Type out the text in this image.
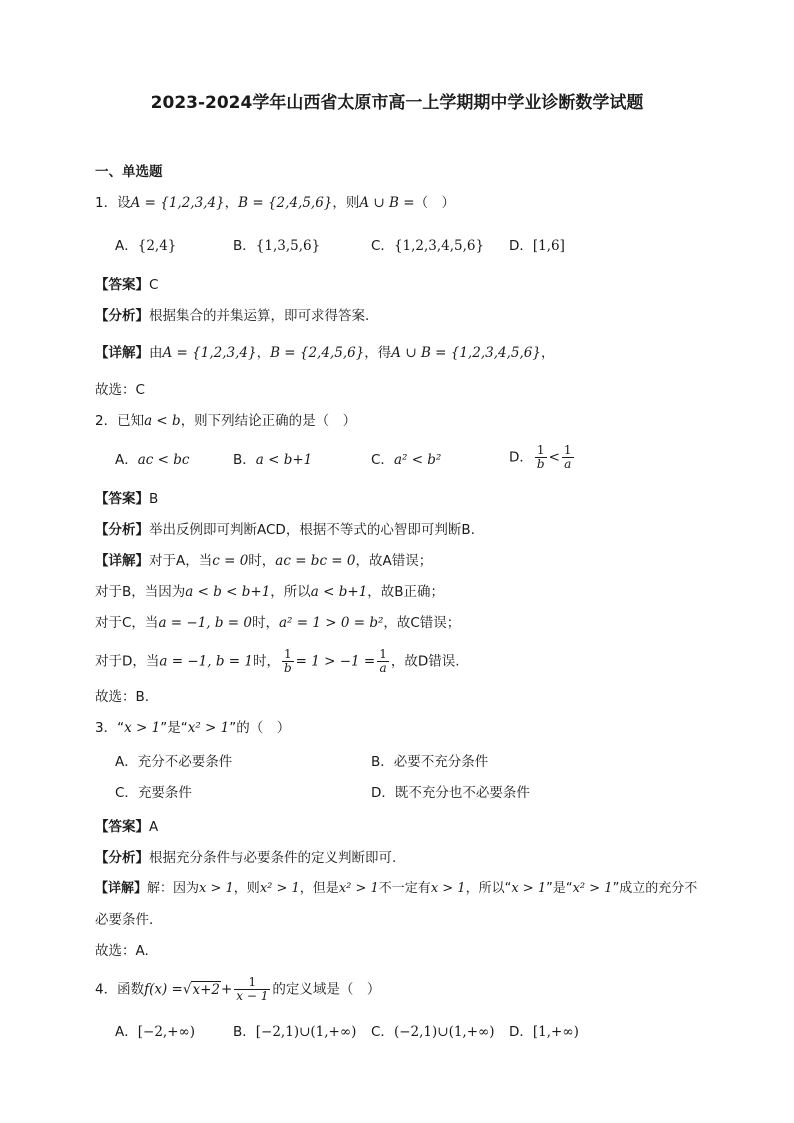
2023-2024学年山西省太原市高一上学期期中学业诊断数学试题
一、单选题
1．设A = {1,2,3,4}，B = {2,4,5,6}，则A ∪ B =（　）
A．{2,4}	B．{1,3,5,6}	C．{1,2,3,4,5,6} D．[1,6]
【答案】C
【分析】根据集合的并集运算，即可求得答案.
【详解】由A = {1,2,3,4}，B = {2,4,5,6}，得A ∪ B = {1,2,3,4,5,6}，
故选：C
2．已知a < b，则下列结论正确的是（　）
A．ac < bc	B．a < b+1	C．a² < b²	D． $\frac{1}{b} < \frac{1}{a}$
【答案】B
【分析】举出反例即可判断ACD，根据不等式的心智即可判断B.
【详解】对于A，当c = 0时，ac = bc = 0，故A错误；
对于B，当因为a < b < b+1，所以a < b+1，故B正确；
对于C，当a = −1, b = 0时，a² = 1 > 0 = b²，故C错误；
对于D，当a = −1, b = 1时， $\frac{1}{b} = 1 > -1 = \frac{1}{a}$ ，故D错误.
故选：B.
3．“x > 1”是“x² > 1”的（　）
A．充分不必要条件	B．必要不充分条件
C．充要条件	D．既不充分也不必要条件
【答案】A
【分析】根据充分条件与必要条件的定义判断即可.
【详解】解：因为x > 1，则x² > 1，但是x² > 1不一定有x > 1，所以“x > 1”是“x² > 1”成立的充分不
必要条件．
故选：A.
4．函数$f(x) =√x+2+ \frac{1}{x - 1}$ 的定义域是（　）
A．[−2,+∞)	B．[−2,1)∪(1,+∞) C．(−2,1)∪(1,+∞) D．[1,+∞)
